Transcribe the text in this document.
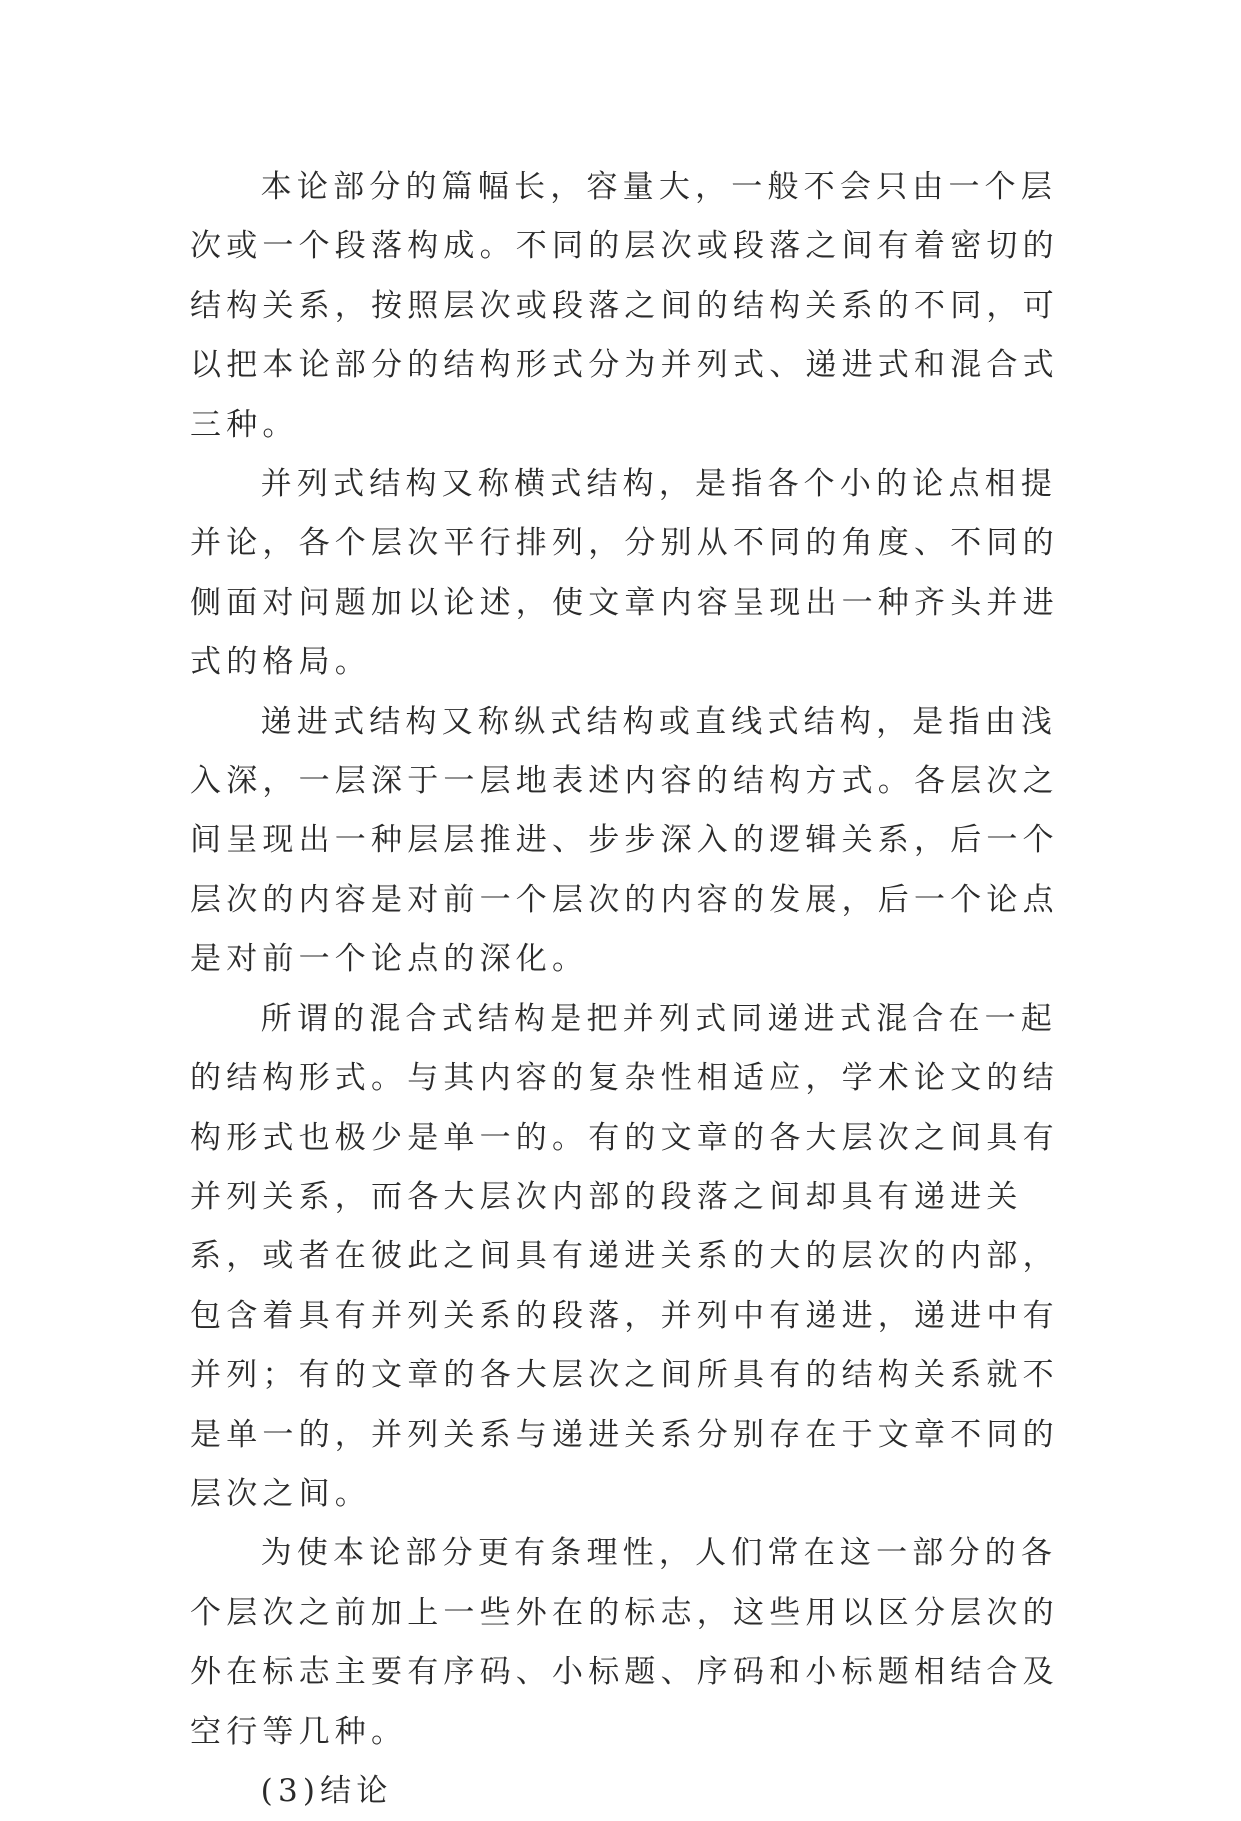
本论部分的篇幅长，容量大，一般不会只由一个层次或一个段落构成。不同的层次或段落之间有着密切的结构关系，按照层次或段落之间的结构关系的不同，可以把本论部分的结构形式分为并列式、递进式和混合式三种。

并列式结构又称横式结构，是指各个小的论点相提并论，各个层次平行排列，分别从不同的角度、不同的侧面对问题加以论述，使文章内容呈现出一种齐头并进式的格局。

递进式结构又称纵式结构或直线式结构，是指由浅入深，一层深于一层地表述内容的结构方式。各层次之间呈现出一种层层推进、步步深入的逻辑关系，后一个层次的内容是对前一个层次的内容的发展，后一个论点是对前一个论点的深化。

所谓的混合式结构是把并列式同递进式混合在一起的结构形式。与其内容的复杂性相适应，学术论文的结构形式也极少是单一的。有的文章的各大层次之间具有并列关系，而各大层次内部的段落之间却具有递进关系，或者在彼此之间具有递进关系的大的层次的内部，包含着具有并列关系的段落，并列中有递进，递进中有并列；有的文章的各大层次之间所具有的结构关系就不是单一的，并列关系与递进关系分别存在于文章不同的层次之间。

为使本论部分更有条理性，人们常在这一部分的各个层次之前加上一些外在的标志，这些用以区分层次的外在标志主要有序码、小标题、序码和小标题相结合及空行等几种。

(3)结论
